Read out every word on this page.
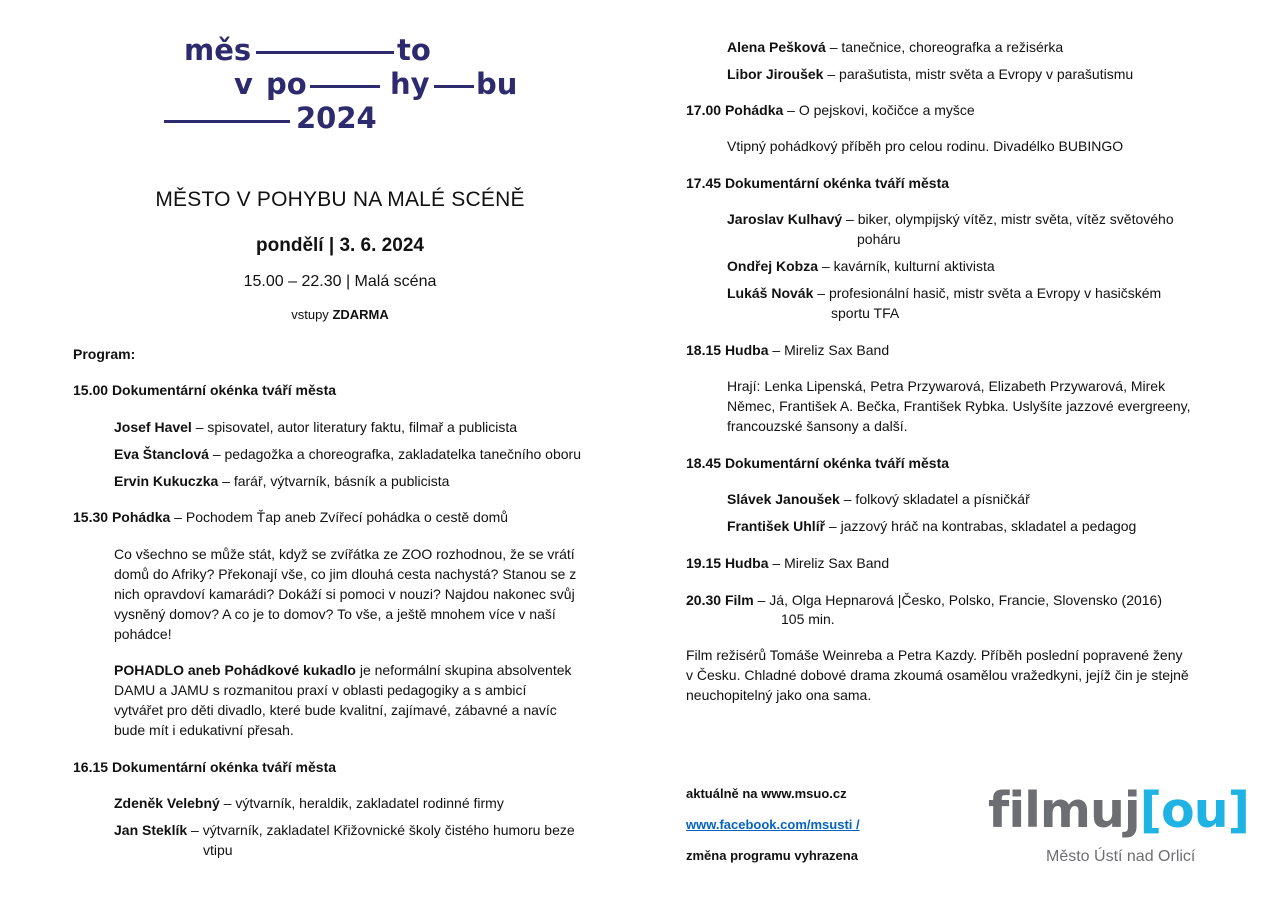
měs	to
v po	hy bu
2024
MĚSTO V POHYBU NA MALÉ SCÉNĚ
pondělí | 3. 6. 2024
15.00 – 22.30 | Malá scéna
vstupy ZDARMA
Program:
15.00 Dokumentární okénka tváří města
Josef Havel – spisovatel, autor literatury faktu, filmař a publicista
Eva Štanclová – pedagožka a choreografka, zakladatelka tanečního oboru
Ervin Kukuczka – farář, výtvarník, básník a publicista
15.30 Pohádka – Pochodem Ťap aneb Zvířecí pohádka o cestě domů
Co všechno se může stát, když se zvířátka ze ZOO rozhodnou, že se vrátí
domů do Afriky? Překonají vše, co jim dlouhá cesta nachystá? Stanou se z
nich opravdoví kamarádi? Dokáží si pomoci v nouzi? Najdou nakonec svůj
vysněný domov? A co je to domov? To vše, a ještě mnohem více v naší
pohádce!
POHADLO aneb Pohádkové kukadlo je neformální skupina absolventek
DAMU a JAMU s rozmanitou praxí v oblasti pedagogiky a s ambicí
vytvářet pro děti divadlo, které bude kvalitní, zajímavé, zábavné a navíc
bude mít i edukativní přesah.
16.15 Dokumentární okénka tváří města
Zdeněk Velebný – výtvarník, heraldik, zakladatel rodinné firmy
Jan Steklík – výtvarník, zakladatel Křižovnické školy čistého humoru beze
vtipu
Alena Pešková – tanečnice, choreografka a režisérka
Libor Jiroušek – parašutista, mistr světa a Evropy v parašutismu
17.00 Pohádka – O pejskovi, kočičce a myšce
Vtipný pohádkový příběh pro celou rodinu. Divadélko BUBINGO
17.45 Dokumentární okénka tváří města
Jaroslav Kulhavý – biker, olympijský vítěz, mistr světa, vítěz světového
poháru
Ondřej Kobza – kavárník, kulturní aktivista
Lukáš Novák – profesionální hasič, mistr světa a Evropy v hasičském
sportu TFA
18.15 Hudba – Mireliz Sax Band
Hrají: Lenka Lipenská, Petra Przywarová, Elizabeth Przywarová, Mirek
Němec, František A. Bečka, František Rybka. Uslyšíte jazzové evergreeny,
francouzské šansony a další.
18.45 Dokumentární okénka tváří města
Slávek Janoušek – folkový skladatel a písničkář
František Uhlíř – jazzový hráč na kontrabas, skladatel a pedagog
19.15 Hudba – Mireliz Sax Band
20.30 Film – Já, Olga Hepnarová |Česko, Polsko, Francie, Slovensko (2016)
105 min.
Film režisérů Tomáše Weinreba a Petra Kazdy. Příběh poslední popravené ženy
v Česku. Chladné dobové drama zkoumá osamělou vražedkyni, jejíž čin je stejně
neuchopitelný jako ona sama.
aktuálně na www.msuo.cz
www.facebook.com/msusti /
změna programu vyhrazena
filmuj[ou]
Město Ústí nad Orlicí
